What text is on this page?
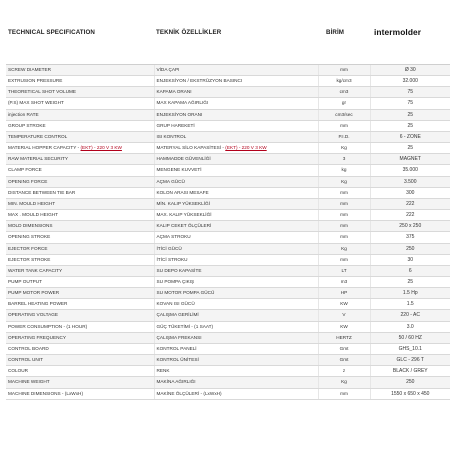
TECHNICAL SPECIFICATION	TEKNİK ÖZELLİKLER	BİRİM	intermolder
SCREW DIAMETER	VİDA ÇAPI	mm	Ø 30
EXTRUSION PRESSURE	ENJEKSİYON / EKSTRÜZYON BASINCI	kg/cm3	32.000
THEORETICAL SHOT VOLUME	KAPAMA ORANI	cm3	75
(P.S) MAX SHOT WEIGHT	MAX KAPAMA AĞIRLIĞI	gr	75
injection RATE	ENJEKSİYON ORANI	cm3/sec	25
GROUP STROKE	GRUP HAREKETİ	mm	25
TEMPERATURE CONTROL	ISI KONTROL	P.I.D.	6 - ZONE
MATERIAL HOPPER CAPACITY - (EKT) - 220 V 3 KW	MATERYAL SİLO KAPASİTESİ - (EKT) - 220 V 3 KW	Kg	25
RAW MATERIAL SECURITY	HAMMADDE GÜVENLİĞİ	3	MAGNET
CLAMP FORCE	MENGENE KUVVETİ	kg	35.000
OPENING FORCE	AÇMA GÜCÜ	Kg	3.500
DISTANCE BETWEEN TIE BAR	KOLON ARASI MESAFE	mm	300
MIN. MOULD HEIGHT	MİN. KALIP YÜKSEKLİĞİ	mm	222
MAX . MOULD HEIGHT	MAX. KALIP YÜKSEKLİĞİ	mm	222
MOLD DIMENSIONS	KALIP CEKET ÖLÇÜLERİ	mm	250 x 250
OPENING STROKE	AÇMA STROKU	mm	375
EJECTOR FORCE	İTİCİ GÜCÜ	Kg	250
EJECTOR STROKE	İTİCİ STROKU	mm	30
WATER TANK CAPACITY	SU DEPO KAPASİTE	LT	6
PUMP OUTPUT	SU POMPA ÇIKIŞ	m3	25
PUMP MOTOR POWER	SU MOTOR POMPA GÜCÜ	HP	1.5 Hp
BARREL HEATING POWER	KOVAN ISI GÜCÜ	KW	1.5
OPERATING VOLTAGE	ÇALIŞMA GERİLİMİ	V	220 - AC
POWER CONSUMPTION - (1 HOUR)	GÜÇ TÜKETİMİ - (1 SAAT)	KW	3.0
OPERATING FREQUENCY	ÇALIŞMA FREKANSI	HERTZ	50 / 60 HZ
CONTROL BOARD	KONTROL PANELİ	Gmt	GHS_10.1
CONTROL UNIT	KONTROL ÜNİTESİ	Gmt	GLC - 296 T
COLOUR	RENK	z	BLACK / GREY
MACHINE WEIGHT	MAKİNA AĞIRLIĞI	Kg	250
MACHINE DIMENSIONS - (LxWxH)	MAKİNE ÖLÇÜLERİ - (LxWxH)	mm	1550 x 650 x 450
